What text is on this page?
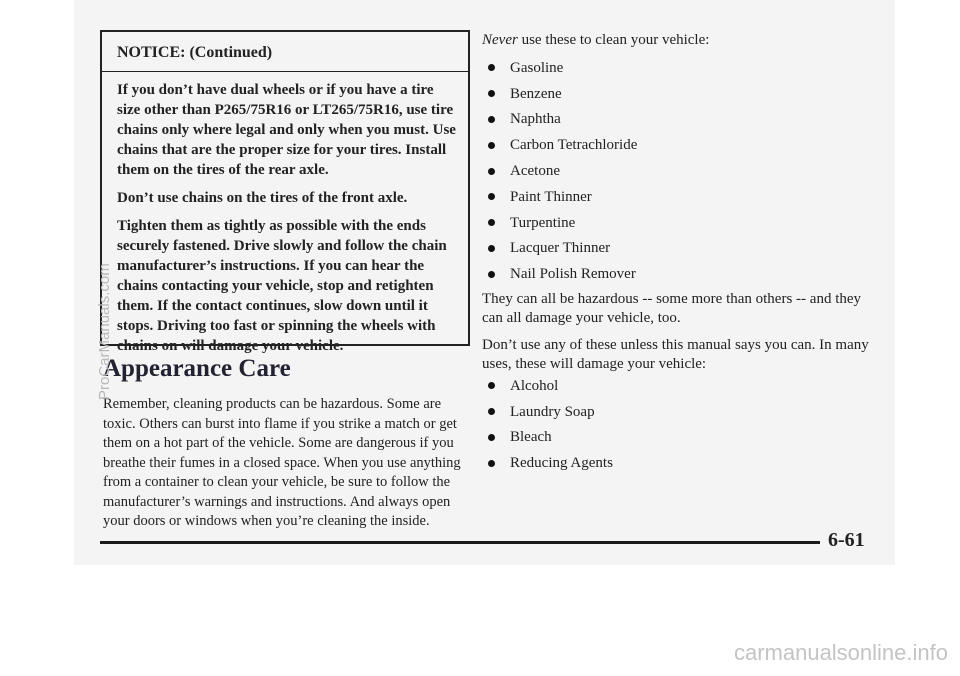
NOTICE: (Continued)

If you don’t have dual wheels or if you have a tire size other than P265/75R16 or LT265/75R16, use tire chains only where legal and only when you must. Use chains that are the proper size for your tires. Install them on the tires of the rear axle.

Don’t use chains on the tires of the front axle.

Tighten them as tightly as possible with the ends securely fastened. Drive slowly and follow the chain manufacturer’s instructions. If you can hear the chains contacting your vehicle, stop and retighten them. If the contact continues, slow down until it stops. Driving too fast or spinning the wheels with chains on will damage your vehicle.

Appearance Care
Remember, cleaning products can be hazardous. Some are toxic. Others can burst into flame if you strike a match or get them on a hot part of the vehicle. Some are dangerous if you breathe their fumes in a closed space. When you use anything from a container to clean your vehicle, be sure to follow the manufacturer’s warnings and instructions. And always open your doors or windows when you’re cleaning the inside.
Never use these to clean your vehicle:
Gasoline
Benzene
Naphtha
Carbon Tetrachloride
Acetone
Paint Thinner
Turpentine
Lacquer Thinner
Nail Polish Remover
They can all be hazardous -- some more than others -- and they can all damage your vehicle, too.
Don’t use any of these unless this manual says you can. In many uses, these will damage your vehicle:
Alcohol
Laundry Soap
Bleach
Reducing Agents
6-61
ProCarManuals.com
carmanualsonline.info
